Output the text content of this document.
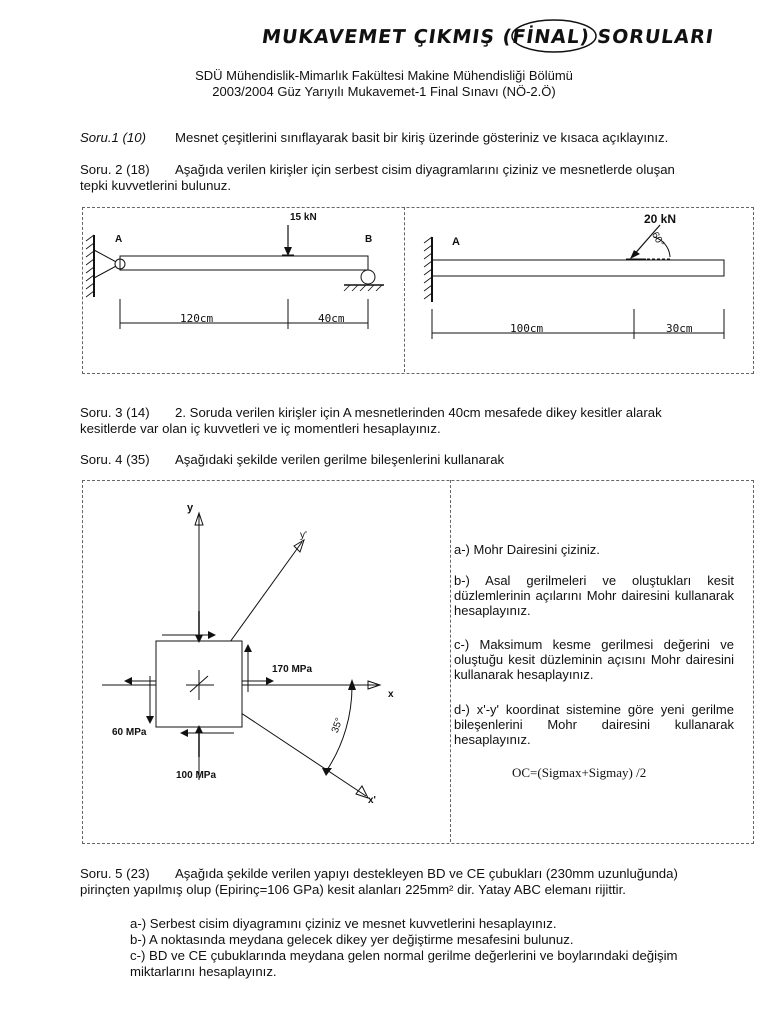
MUKAVEMET ÇIKMIŞ (FİNAL) SORULARI
SDÜ Mühendislik-Mimarlık Fakültesi Makine Mühendisliği Bölümü
2003/2004 Güz Yarıyılı Mukavemet-1 Final Sınavı (NÖ-2.Ö)
Soru.1 (10) Mesnet çeşitlerini sınıflayarak basit bir kiriş üzerinde gösteriniz ve kısaca açıklayınız.
Soru. 2 (18) Aşağıda verilen kirişler için serbest cisim diyagramlarını çiziniz ve mesnetlerde oluşan
tepki kuvvetlerini bulunuz.
15 kN
A	B
120cm	40cm
20 kN
60°
A
100cm	30cm
Soru. 3 (14) 2. Soruda verilen kirişler için A mesnetlerinden 40cm mesafede dikey kesitler alarak
kesitlerde var olan iç kuvvetleri ve iç momentleri hesaplayınız.
Soru. 4 (35) Aşağıdaki şekilde verilen gerilme bileşenlerini kullanarak
y
y'
x
x'
170 MPa
60 MPa
100 MPa
35°
a-) Mohr Dairesini çiziniz.
b-) Asal gerilmeleri ve oluştukları kesit düzlemlerinin açılarını Mohr dairesini kullanarak hesaplayınız.
c-) Maksimum kesme gerilmesi değerini ve oluştuğu kesit düzleminin açısını Mohr dairesini kullanarak hesaplayınız.
d-) x'-y' koordinat sistemine göre yeni gerilme bileşenlerini Mohr dairesini kullanarak hesaplayınız.
OC=(Sigmax+Sigmay) /2
Soru. 5 (23) Aşağıda şekilde verilen yapıyı destekleyen BD ve CE çubukları (230mm uzunluğunda)
pirinçten yapılmış olup (Epirinç=106 GPa) kesit alanları 225mm² dir. Yatay ABC elemanı rijittir.
a-) Serbest cisim diyagramını çiziniz ve mesnet kuvvetlerini hesaplayınız.
b-) A noktasında meydana gelecek dikey yer değiştirme mesafesini bulunuz.
c-) BD ve CE çubuklarında meydana gelen normal gerilme değerlerini ve boylarındaki değişim
miktarlarını hesaplayınız.
